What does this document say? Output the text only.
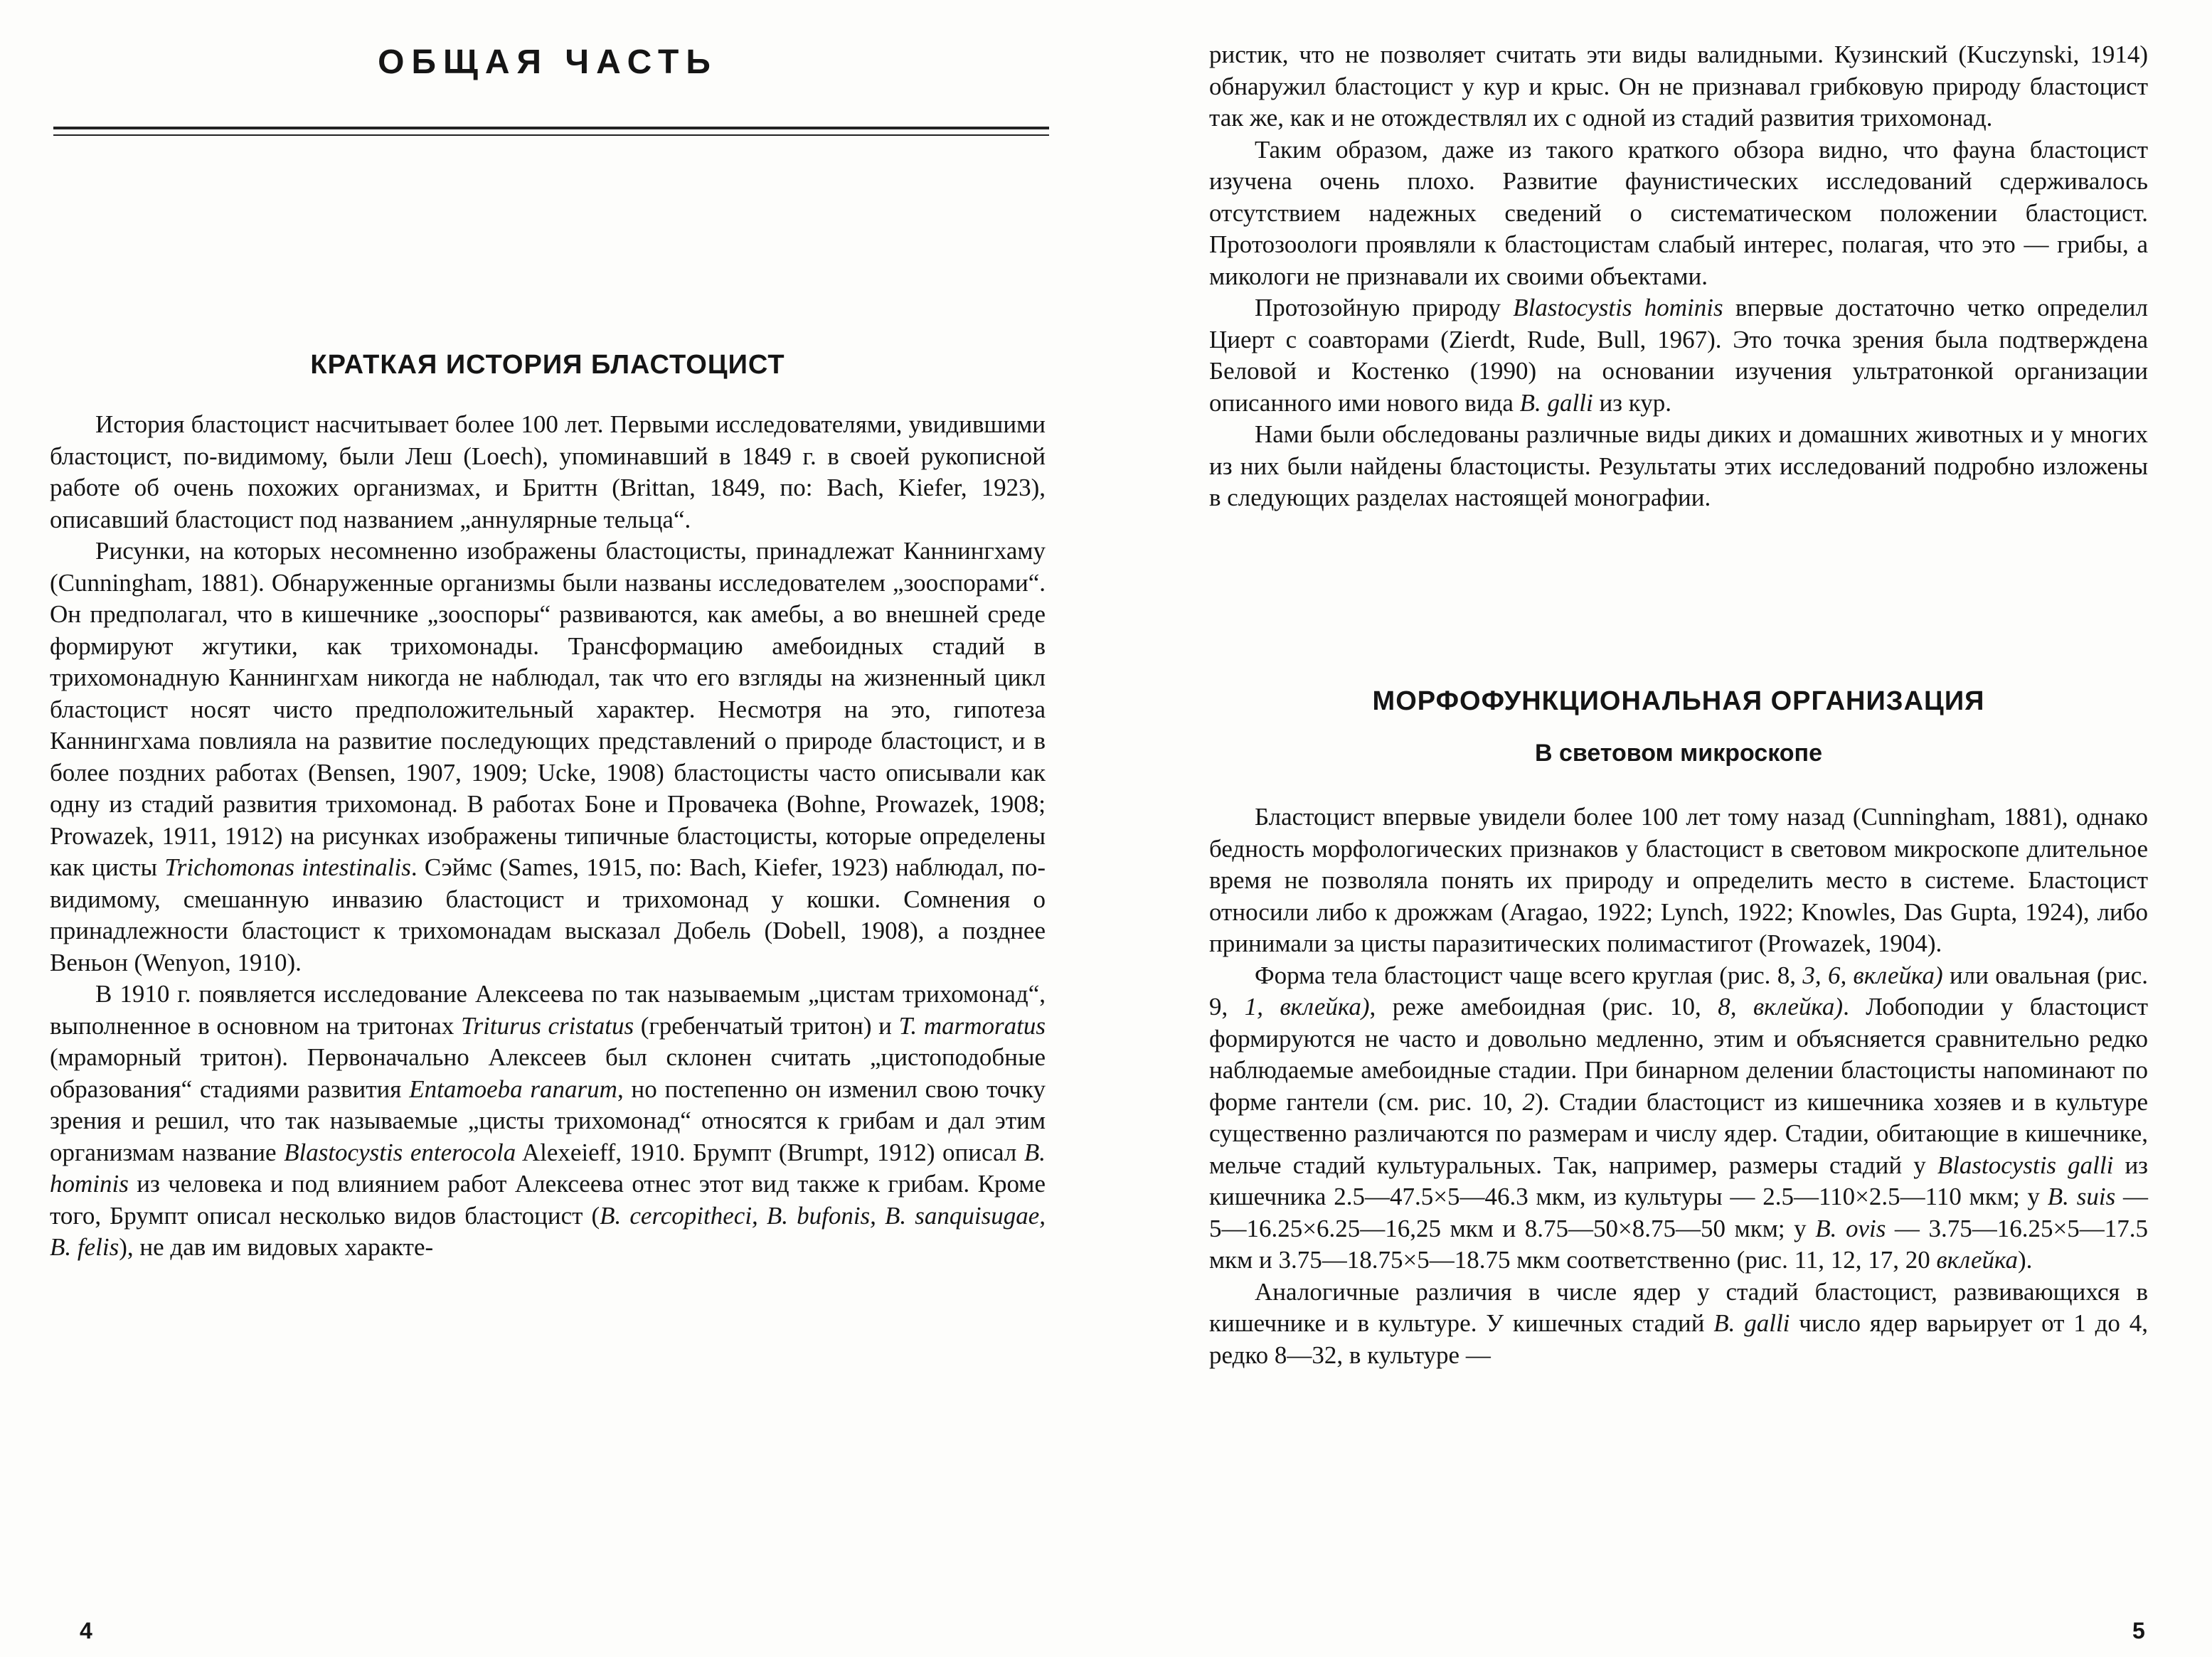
ОБЩАЯ ЧАСТЬ
КРАТКАЯ ИСТОРИЯ БЛАСТОЦИСТ

История бластоцист насчитывает более 100 лет. Первыми исследователями, увидившими бластоцист, по-видимому, были Леш (Loech), упоминавший в 1849 г. в своей рукописной работе об очень похожих организмах, и Бриттн (Brittan, 1849, по: Bach, Kiefer, 1923), описавший бластоцист под названием „аннулярные тельца“.

Рисунки, на которых несомненно изображены бластоцисты, принадлежат Каннингхаму (Cunningham, 1881). Обнаруженные организмы были названы исследователем „зооспорами“. Он предполагал, что в кишечнике „зооспоры“ развиваются, как амебы, а во внешней среде формируют жгутики, как трихомонады. Трансформацию амебоидных стадий в трихомонадную Каннингхам никогда не наблюдал, так что его взгляды на жизненный цикл бластоцист носят чисто предположительный характер. Несмотря на это, гипотеза Каннингхама повлияла на развитие последующих представлений о природе бластоцист, и в более поздних работах (Bensen, 1907, 1909; Ucke, 1908) бластоцисты часто описывали как одну из стадий развития трихомонад. В работах Боне и Провачека (Bohne, Prowazek, 1908; Prowazek, 1911, 1912) на рисунках изображены типичные бластоцисты, которые определены как цисты Trichomonas intestinalis. Сэймс (Sames, 1915, по: Bach, Kiefer, 1923) наблюдал, по-видимому, смешанную инвазию бластоцист и трихомонад у кошки. Сомнения о принадлежности бластоцист к трихомонадам высказал Добель (Dobell, 1908), а позднее Веньон (Wenyon, 1910).

В 1910 г. появляется исследование Алексеева по так называемым „цистам трихомонад“, выполненное в основном на тритонах Triturus cristatus (гребенчатый тритон) и T. marmoratus (мраморный тритон). Первоначально Алексеев был склонен считать „цистоподобные образования“ стадиями развития Entamoeba ranarum, но постепенно он изменил свою точку зрения и решил, что так называемые „цисты трихомонад“ относятся к грибам и дал этим организмам название Blastocystis enterocola Alexeieff, 1910. Брумпт (Brumpt, 1912) описал B. hominis из человека и под влиянием работ Алексеева отнес этот вид также к грибам. Кроме того, Брумпт описал несколько видов бластоцист (B. cercopitheci, B. bufonis, B. sanquisugae, B. felis), не дав им видовых характе-

4

ристик, что не позволяет считать эти виды валидными. Кузинский (Kuczynski, 1914) обнаружил бластоцист у кур и крыс. Он не признавал грибковую природу бластоцист так же, как и не отождествлял их с одной из стадий развития трихомонад.

Таким образом, даже из такого краткого обзора видно, что фауна бластоцист изучена очень плохо. Развитие фаунистических исследований сдерживалось отсутствием надежных сведений о систематическом положении бластоцист. Протозоологи проявляли к бластоцистам слабый интерес, полагая, что это — грибы, а микологи не признавали их своими объектами.

Протозойную природу Blastocystis hominis впервые достаточно четко определил Циерт с соавторами (Zierdt, Rude, Bull, 1967). Это точка зрения была подтверждена Беловой и Костенко (1990) на основании изучения ультратонкой организации описанного ими нового вида B. galli из кур.

Нами были обследованы различные виды диких и домашних животных и у многих из них были найдены бластоцисты. Результаты этих исследований подробно изложены в следующих разделах настоящей монографии.

МОРФОФУНКЦИОНАЛЬНАЯ ОРГАНИЗАЦИЯ
В световом микроскопе

Бластоцист впервые увидели более 100 лет тому назад (Cunningham, 1881), однако бедность морфологических признаков у бластоцист в световом микроскопе длительное время не позволяла понять их природу и определить место в системе. Бластоцист относили либо к дрожжам (Aragao, 1922; Lynch, 1922; Knowles, Das Gupta, 1924), либо принимали за цисты паразитических полимастигот (Prowazek, 1904).

Форма тела бластоцист чаще всего круглая (рис. 8, 3, 6, вклейка) или овальная (рис. 9, 1, вклейка), реже амебоидная (рис. 10, 8, вклейка). Лобоподии у бластоцист формируются не часто и довольно медленно, этим и объясняется сравнительно редко наблюдаемые амебоидные стадии. При бинарном делении бластоцисты напоминают по форме гантели (см. рис. 10, 2). Стадии бластоцист из кишечника хозяев и в культуре существенно различаются по размерам и числу ядер. Стадии, обитающие в кишечнике, мельче стадий культуральных. Так, например, размеры стадий у Blastocystis galli из кишечника 2.5—47.5×5—46.3 мкм, из культуры — 2.5—110×2.5—110 мкм; у B. suis — 5—16.25×6.25—16,25 мкм и 8.75—50×8.75—50 мкм; у B. ovis — 3.75—16.25×5—17.5 мкм и 3.75—18.75×5—18.75 мкм соответственно (рис. 11, 12, 17, 20 вклейка).

Аналогичные различия в числе ядер у стадий бластоцист, развивающихся в кишечнике и в культуре. У кишечных стадий B. galli число ядер варьирует от 1 до 4, редко 8—32, в культуре —

5
